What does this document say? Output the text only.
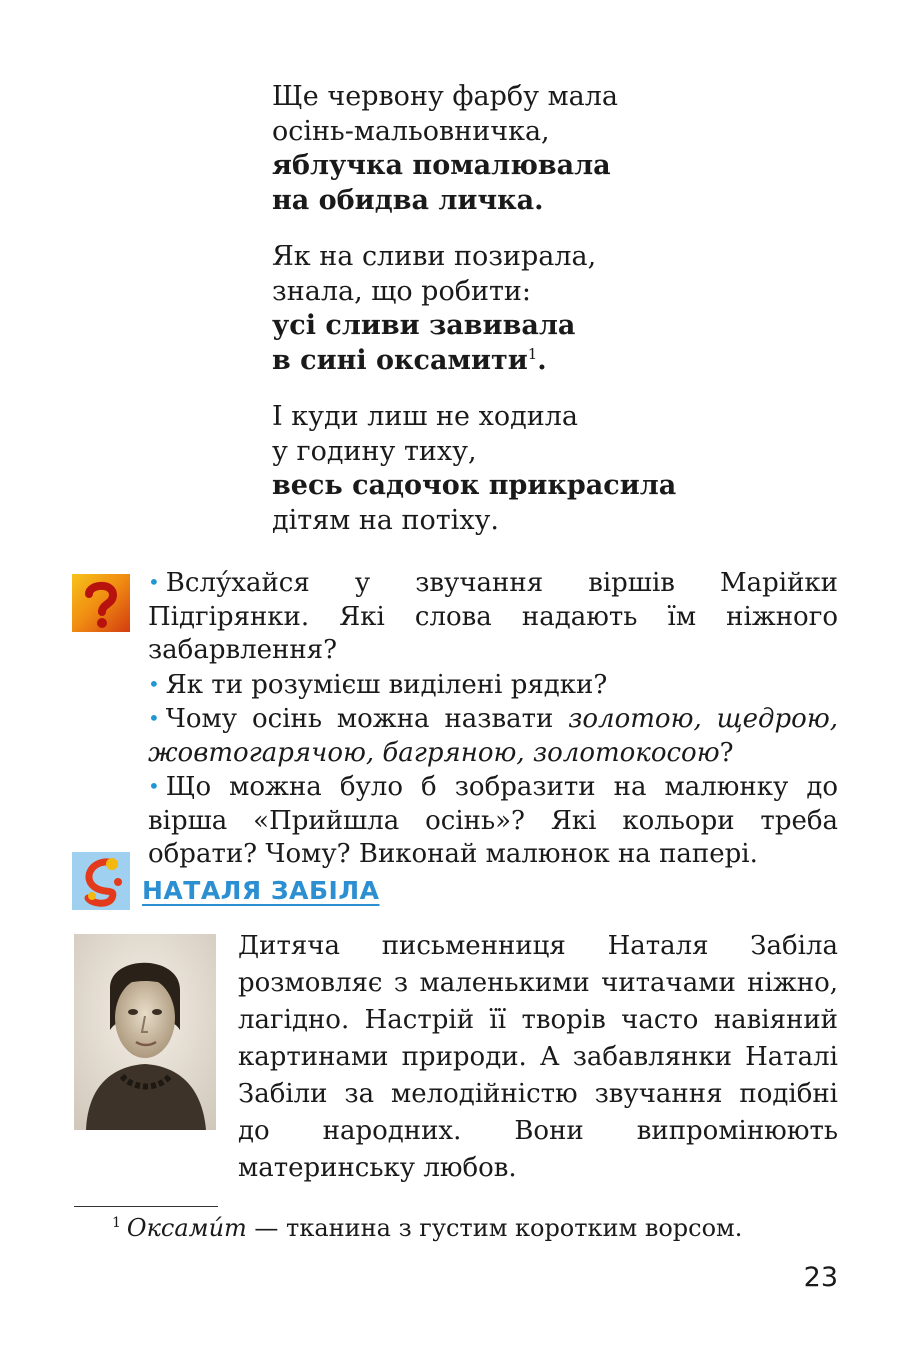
Ще червону фарбу мала
осінь-мальовничка,
яблучка помалювала
на обидва личка.
Як на сливи позирала,
знала, що робити:
усі сливи завивала
в сині оксамити$^1$.
І куди лиш не ходила
у годину тиху,
весь садочок прикрасила
дітям на потіху.
• Вслу́хайся у звучання віршів Марійки Підгірянки. Які слова надають їм ніжного забарвлення?
• Як ти розумієш виділені рядки?
• Чому осінь можна назвати золотою, щедрою, жовтогарячою, багряною, золотокосою?
• Що можна було б зобразити на малюнку до вірша «Прийшла осінь»? Які кольори треба обрати? Чому? Виконай малюнок на папері.
НАТАЛЯ ЗАБІЛА

Дитяча письменниця Наталя Забіла розмовляє з маленькими читачами ніжно, лагідно. Настрій її творів часто навіяний картинами природи. А забавлянки Наталі Забіли за мелодійністю звучання подібні до народних. Вони випромінюють материнську любов.

$^1$ Оксами́т — тканина з густим коротким ворсом.
23
